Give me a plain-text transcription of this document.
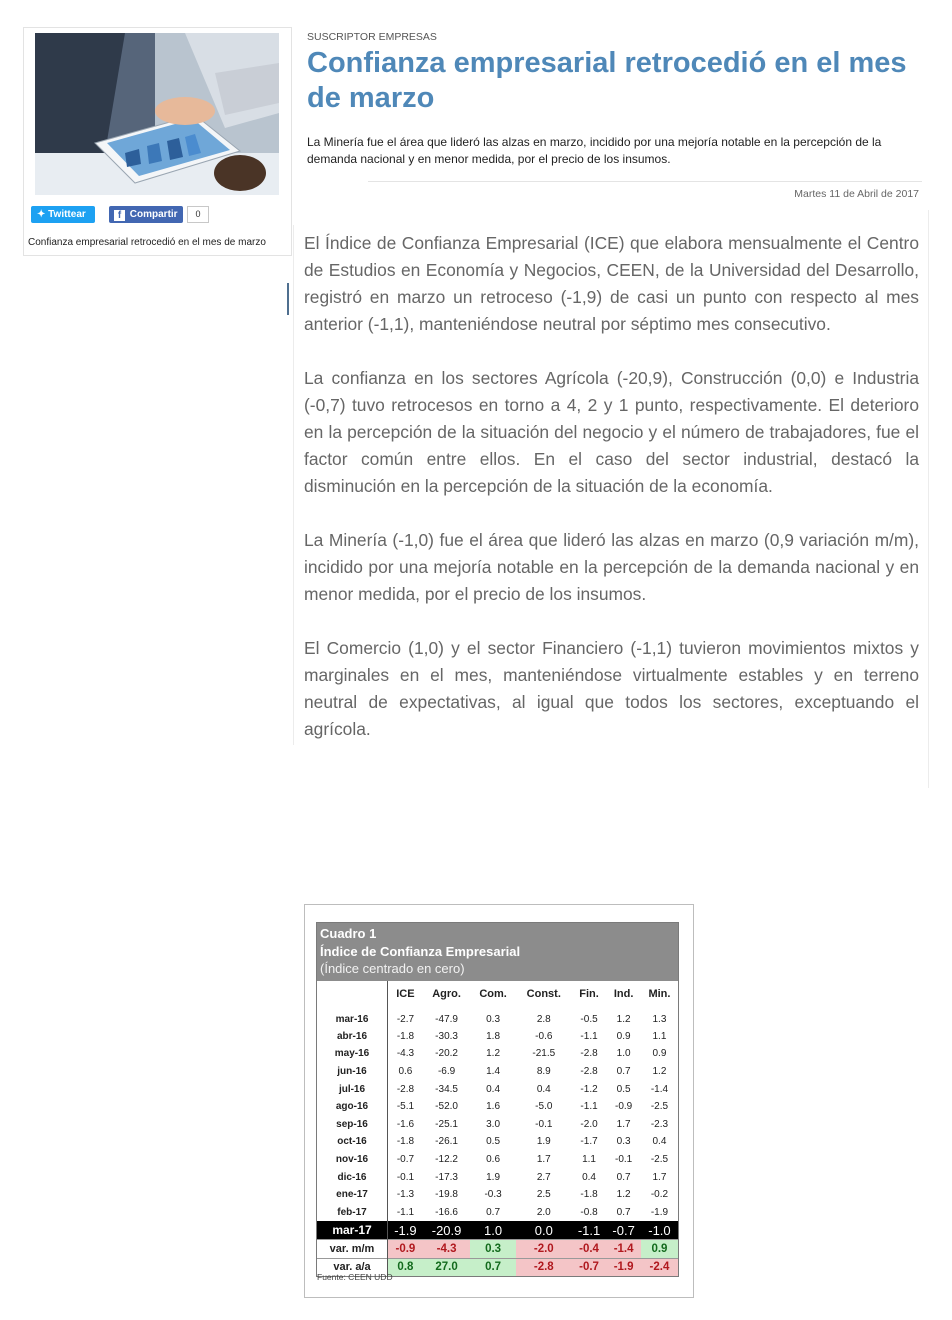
✦ Twittear	f Compartir	0
Confianza empresarial retrocedió en el mes de marzo
SUSCRIPTOR EMPRESAS
Confianza empresarial retrocedió en el mes de marzo

La Minería fue el área que lideró las alzas en marzo, incidido por una mejoría notable en la percepción de la demanda nacional y en menor medida, por el precio de los insumos.

Martes 11 de Abril de 2017

El Índice de Confianza Empresarial (ICE) que elabora mensualmente el Centro de Estudios en Economía y Negocios, CEEN, de la Universidad del Desarrollo, registró en marzo un retroceso (-1,9) de casi un punto con respecto al mes anterior (-1,1), manteniéndose neutral por séptimo mes consecutivo.

La confianza en los sectores Agrícola (-20,9), Construcción (0,0) e Industria (-0,7) tuvo retrocesos en torno a 4, 2 y 1 punto, respectivamente. El deterioro en la percepción de la situación del negocio y el número de trabajadores, fue el factor común entre ellos. En el caso del sector industrial, destacó la disminución en la percepción de la situación de la economía.

La Minería (-1,0) fue el área que lideró las alzas en marzo (0,9 variación m/m), incidido por una mejoría notable en la percepción de la demanda nacional y en menor medida, por el precio de los insumos.

El Comercio (1,0) y el sector Financiero (-1,1) tuvieron movimientos mixtos y marginales en el mes, manteniéndose virtualmente estables y en terreno neutral de expectativas, al igual que todos los sectores, exceptuando el agrícola.

Cuadro 1
Índice de Confianza Empresarial
(Índice centrado en cero)
	ICE	Agro.	Com.	Const.	Fin.	Ind.	Min.
mar-16	-2.7	-47.9	0.3	2.8	-0.5	1.2	1.3
abr-16	-1.8	-30.3	1.8	-0.6	-1.1	0.9	1.1
may-16	-4.3	-20.2	1.2	-21.5	-2.8	1.0	0.9
jun-16	0.6	-6.9	1.4	8.9	-2.8	0.7	1.2
jul-16	-2.8	-34.5	0.4	0.4	-1.2	0.5	-1.4
ago-16	-5.1	-52.0	1.6	-5.0	-1.1	-0.9	-2.5
sep-16	-1.6	-25.1	3.0	-0.1	-2.0	1.7	-2.3
oct-16	-1.8	-26.1	0.5	1.9	-1.7	0.3	0.4
nov-16	-0.7	-12.2	0.6	1.7	1.1	-0.1	-2.5
dic-16	-0.1	-17.3	1.9	2.7	0.4	0.7	1.7
ene-17	-1.3	-19.8	-0.3	2.5	-1.8	1.2	-0.2
feb-17	-1.1	-16.6	0.7	2.0	-0.8	0.7	-1.9
mar-17	-1.9	-20.9	1.0	0.0	-1.1	-0.7	-1.0
var. m/m	-0.9	-4.3	0.3	-2.0	-0.4	-1.4	0.9
var. a/a	0.8	27.0	0.7	-2.8	-0.7	-1.9	-2.4
Fuente: CEEN UDD
